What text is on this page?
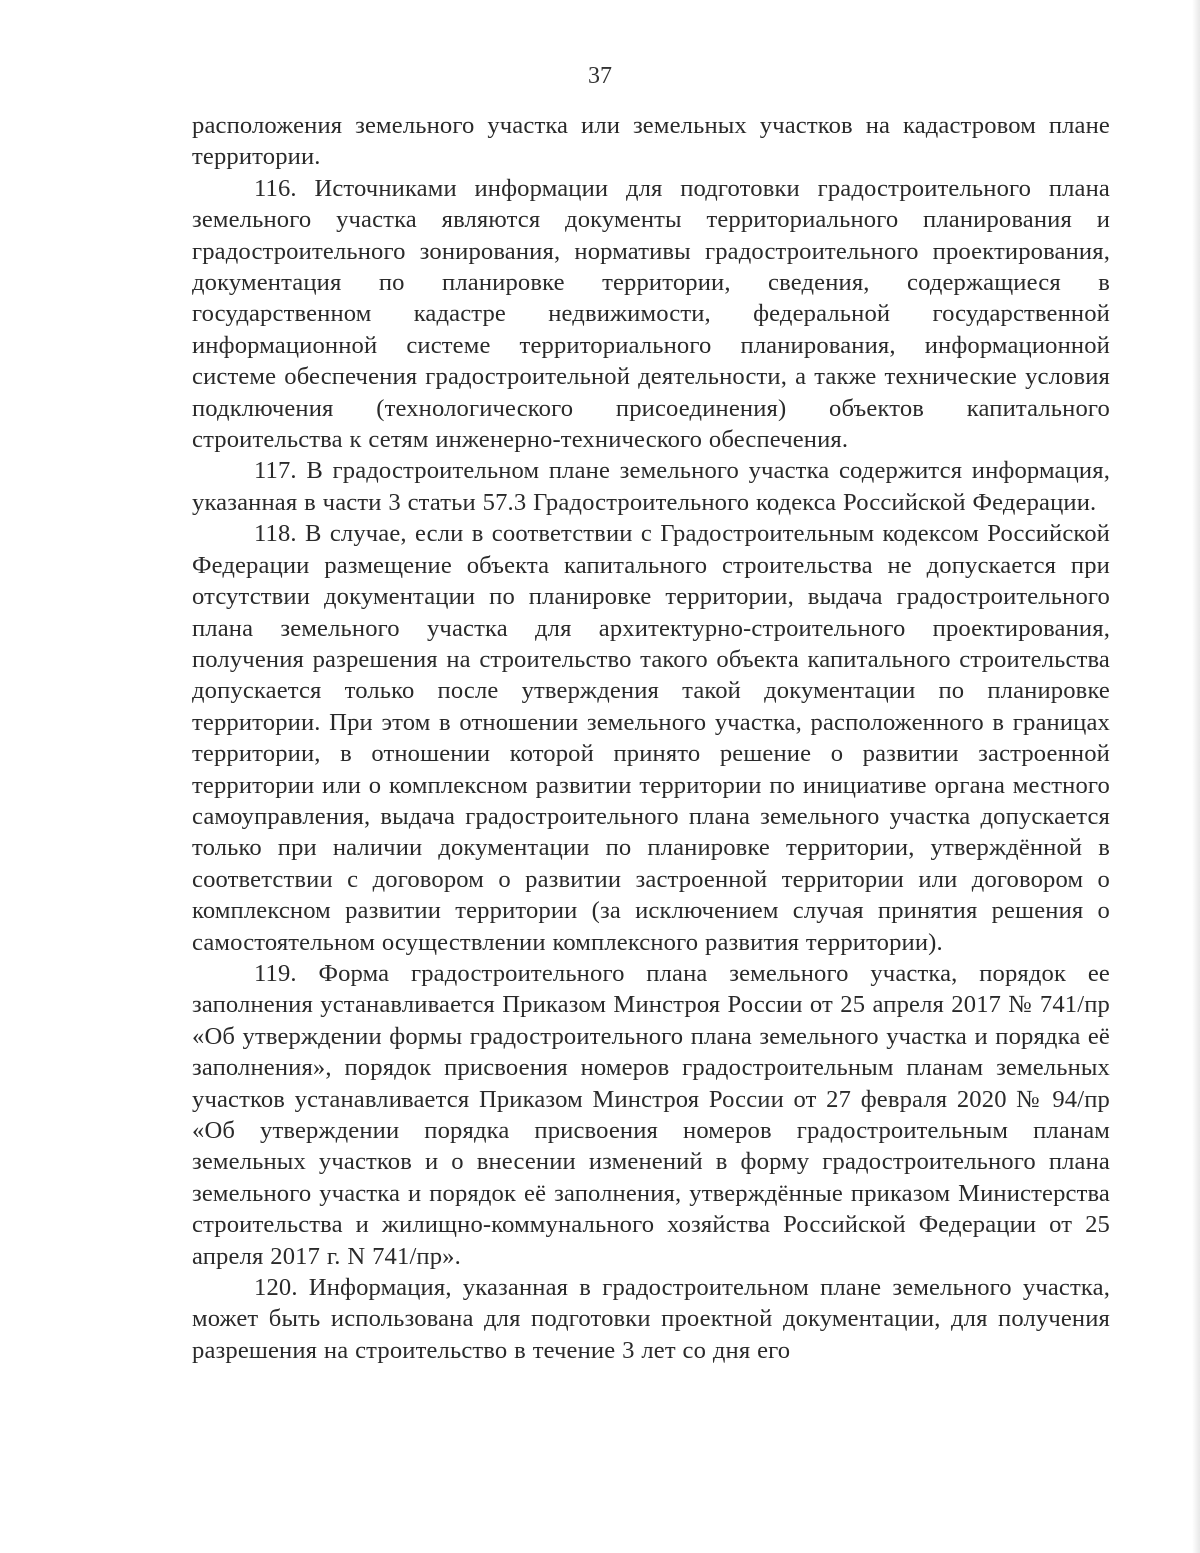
37

расположения земельного участка или земельных участков на кадастровом плане территории.

116. Источниками информации для подготовки градостроительного плана земельного участка являются документы территориального планирования и градостроительного зонирования, нормативы градостроительного проектирования, документация по планировке территории, сведения, содержащиеся в государственном кадастре недвижимости, федеральной государственной информационной системе территориального планирования, информационной системе обеспечения градостроительной деятельности, а также технические условия подключения (технологического присоединения) объектов капитального строительства к сетям инженерно-технического обеспечения.

117. В градостроительном плане земельного участка содержится информация, указанная в части 3 статьи 57.3 Градостроительного кодекса Российской Федерации.

118. В случае, если в соответствии с Градостроительным кодексом Российской Федерации размещение объекта капитального строительства не допускается при отсутствии документации по планировке территории, выдача градостроительного плана земельного участка для архитектурно-строительного проектирования, получения разрешения на строительство такого объекта капитального строительства допускается только после утверждения такой документации по планировке территории. При этом в отношении земельного участка, расположенного в границах территории, в отношении которой принято решение о развитии застроенной территории или о комплексном развитии территории по инициативе органа местного самоуправления, выдача градостроительного плана земельного участка допускается только при наличии документации по планировке территории, утверждённой в соответствии с договором о развитии застроенной территории или договором о комплексном развитии территории (за исключением случая принятия решения о самостоятельном осуществлении комплексного развития территории).

119. Форма градостроительного плана земельного участка, порядок ее заполнения устанавливается Приказом Минстроя России от 25 апреля 2017 № 741/пр «Об утверждении формы градостроительного плана земельного участка и порядка её заполнения», порядок присвоения номеров градостроительным планам земельных участков устанавливается Приказом Минстроя России от 27 февраля 2020 № 94/пр «Об утверждении порядка присвоения номеров градостроительным планам земельных участков и о внесении изменений в форму градостроительного плана земельного участка и порядок её заполнения, утверждённые приказом Министерства строительства и жилищно-коммунального хозяйства Российской Федерации от 25 апреля 2017 г. N 741/пр».

120. Информация, указанная в градостроительном плане земельного участка, может быть использована для подготовки проектной документации, для получения разрешения на строительство в течение 3 лет со дня его
